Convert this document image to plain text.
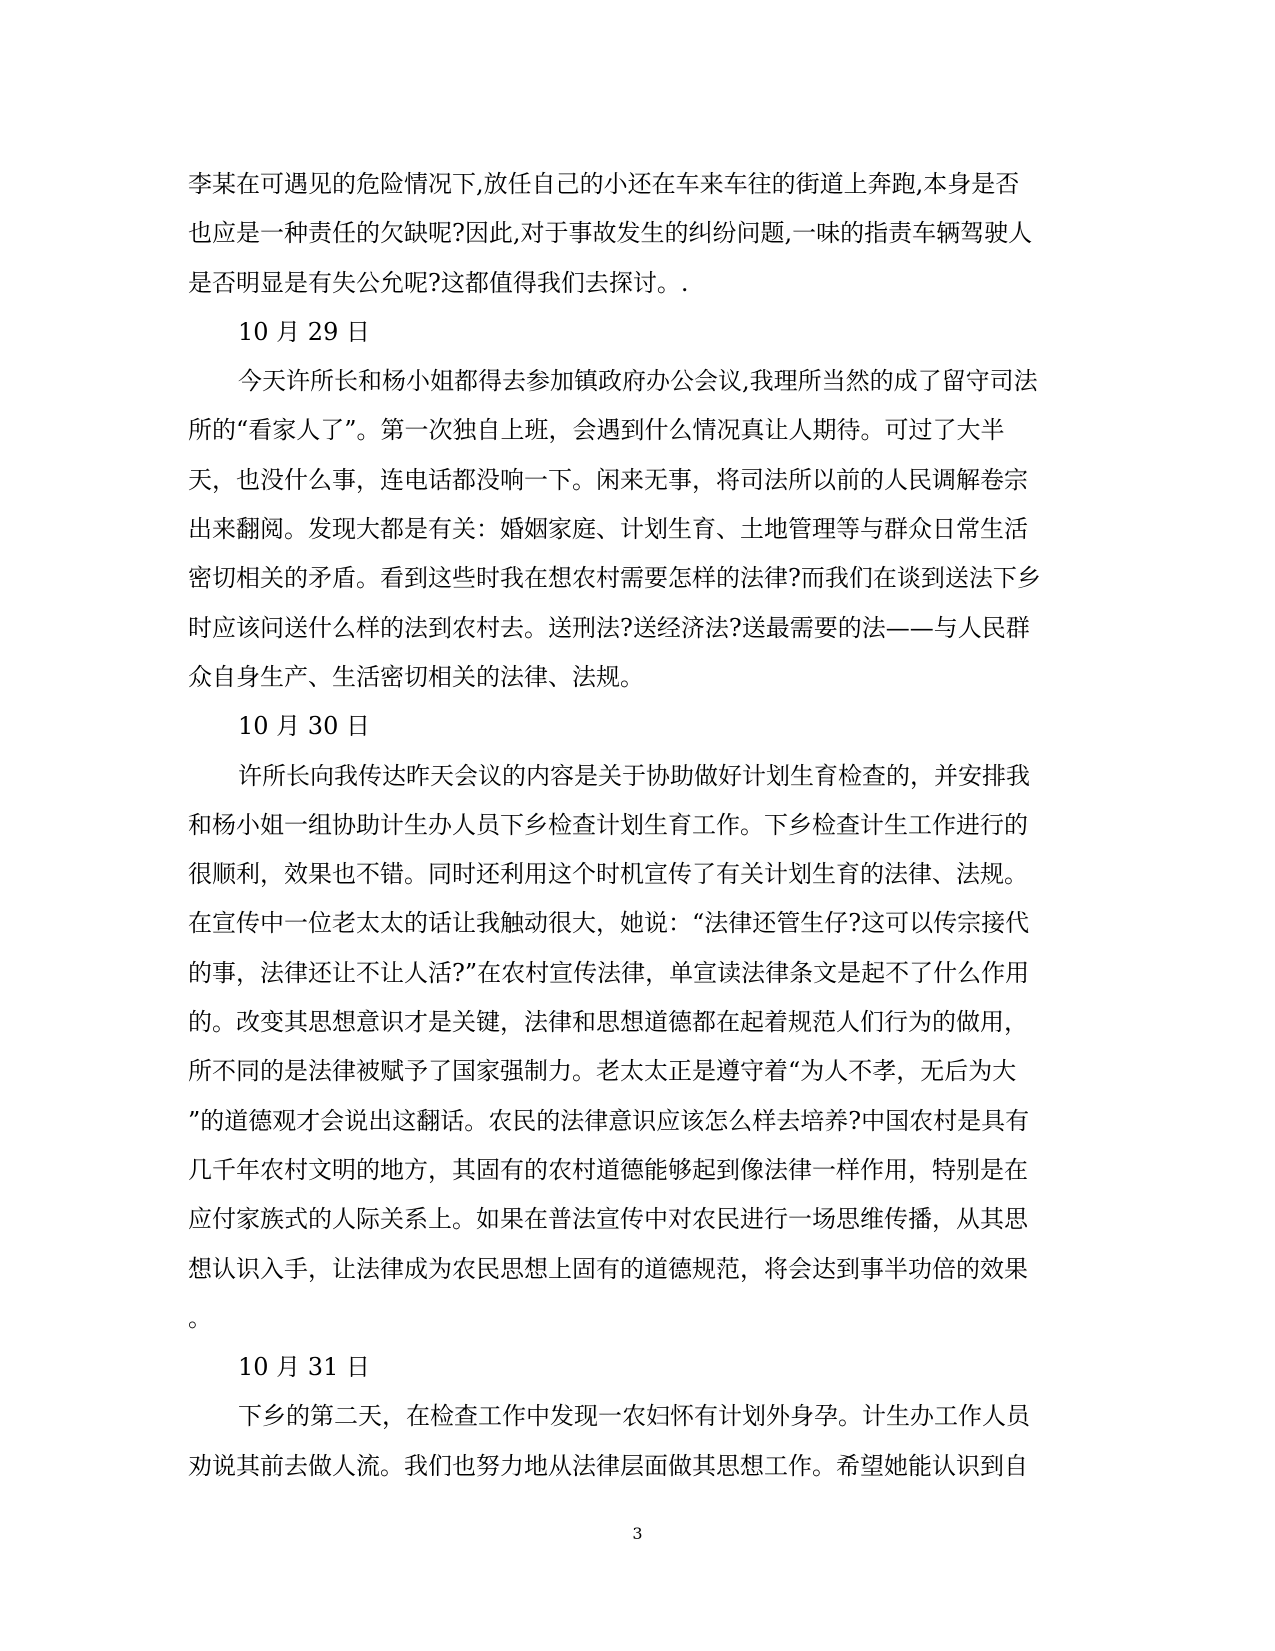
李某在可遇见的危险情况下,放任自己的小还在车来车往的街道上奔跑,本身是否
也应是一种责任的欠缺呢?因此,对于事故发生的纠纷问题,一味的指责车辆驾驶人
是否明显是有失公允呢?这都值得我们去探讨。.
10 月 29 日
今天许所长和杨小姐都得去参加镇政府办公会议,我理所当然的成了留守司法
所的“看家人了”。第一次独自上班，会遇到什么情况真让人期待。可过了大半
天，也没什么事，连电话都没响一下。闲来无事，将司法所以前的人民调解卷宗
出来翻阅。发现大都是有关：婚姻家庭、计划生育、土地管理等与群众日常生活
密切相关的矛盾。看到这些时我在想农村需要怎样的法律?而我们在谈到送法下乡
时应该问送什么样的法到农村去。送刑法?送经济法?送最需要的法——与人民群
众自身生产、生活密切相关的法律、法规。
10 月 30 日
许所长向我传达昨天会议的内容是关于协助做好计划生育检查的，并安排我
和杨小姐一组协助计生办人员下乡检查计划生育工作。下乡检查计生工作进行的
很顺利，效果也不错。同时还利用这个时机宣传了有关计划生育的法律、法规。
在宣传中一位老太太的话让我触动很大，她说：“法律还管生仔?这可以传宗接代
的事，法律还让不让人活?”在农村宣传法律，单宣读法律条文是起不了什么作用
的。改变其思想意识才是关键，法律和思想道德都在起着规范人们行为的做用，
所不同的是法律被赋予了国家强制力。老太太正是遵守着“为人不孝，无后为大
”的道德观才会说出这翻话。农民的法律意识应该怎么样去培养?中国农村是具有
几千年农村文明的地方，其固有的农村道德能够起到像法律一样作用，特别是在
应付家族式的人际关系上。如果在普法宣传中对农民进行一场思维传播，从其思
想认识入手，让法律成为农民思想上固有的道德规范，将会达到事半功倍的效果
。
10 月 31 日
下乡的第二天，在检查工作中发现一农妇怀有计划外身孕。计生办工作人员
劝说其前去做人流。我们也努力地从法律层面做其思想工作。希望她能认识到自
3
